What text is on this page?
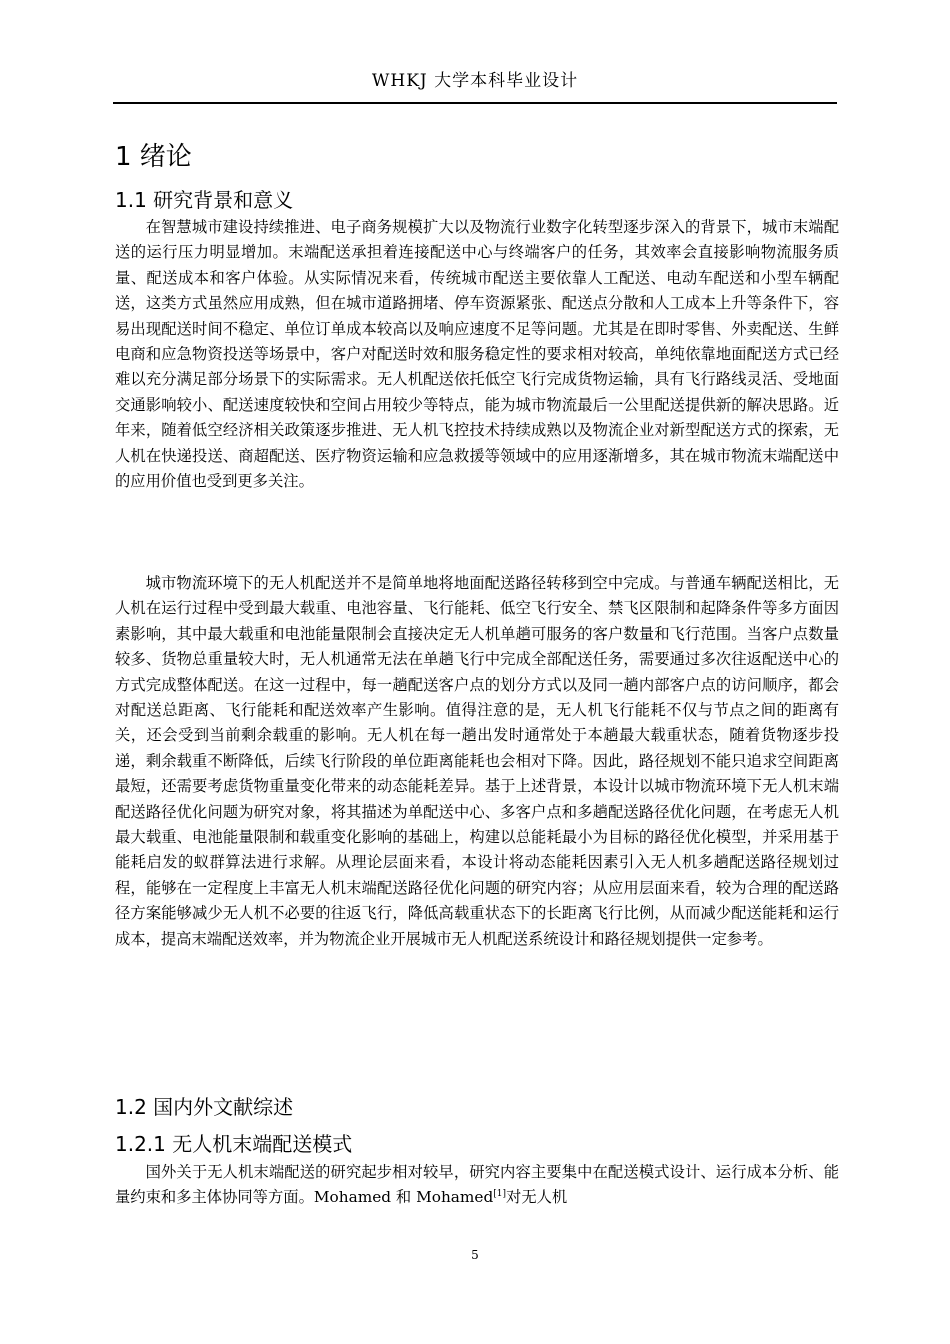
WHKJ 大学本科毕业设计
1 绪论
1.1 研究背景和意义

在智慧城市建设持续推进、电子商务规模扩大以及物流行业数字化转型逐步深入的背景下，城市末端配送的运行压力明显增加。末端配送承担着连接配送中心与终端客户的任务，其效率会直接影响物流服务质量、配送成本和客户体验。从实际情况来看，传统城市配送主要依靠人工配送、电动车配送和小型车辆配送，这类方式虽然应用成熟，但在城市道路拥堵、停车资源紧张、配送点分散和人工成本上升等条件下，容易出现配送时间不稳定、单位订单成本较高以及响应速度不足等问题。尤其是在即时零售、外卖配送、生鲜电商和应急物资投送等场景中，客户对配送时效和服务稳定性的要求相对较高，单纯依靠地面配送方式已经难以充分满足部分场景下的实际需求。无人机配送依托低空飞行完成货物运输，具有飞行路线灵活、受地面交通影响较小、配送速度较快和空间占用较少等特点，能为城市物流最后一公里配送提供新的解决思路。近年来，随着低空经济相关政策逐步推进、无人机飞控技术持续成熟以及物流企业对新型配送方式的探索，无人机在快递投送、商超配送、医疗物资运输和应急救援等领域中的应用逐渐增多，其在城市物流末端配送中的应用价值也受到更多关注。

城市物流环境下的无人机配送并不是简单地将地面配送路径转移到空中完成。与普通车辆配送相比，无人机在运行过程中受到最大载重、电池容量、飞行能耗、低空飞行安全、禁飞区限制和起降条件等多方面因素影响，其中最大载重和电池能量限制会直接决定无人机单趟可服务的客户数量和飞行范围。当客户点数量较多、货物总重量较大时，无人机通常无法在单趟飞行中完成全部配送任务，需要通过多次往返配送中心的方式完成整体配送。在这一过程中，每一趟配送客户点的划分方式以及同一趟内部客户点的访问顺序，都会对配送总距离、飞行能耗和配送效率产生影响。值得注意的是，无人机飞行能耗不仅与节点之间的距离有关，还会受到当前剩余载重的影响。无人机在每一趟出发时通常处于本趟最大载重状态，随着货物逐步投递，剩余载重不断降低，后续飞行阶段的单位距离能耗也会相对下降。因此，路径规划不能只追求空间距离最短，还需要考虑货物重量变化带来的动态能耗差异。基于上述背景，本设计以城市物流环境下无人机末端配送路径优化问题为研究对象，将其描述为单配送中心、多客户点和多趟配送路径优化问题，在考虑无人机最大载重、电池能量限制和载重变化影响的基础上，构建以总能耗最小为目标的路径优化模型，并采用基于能耗启发的蚁群算法进行求解。从理论层面来看，本设计将动态能耗因素引入无人机多趟配送路径规划过程，能够在一定程度上丰富无人机末端配送路径优化问题的研究内容；从应用层面来看，较为合理的配送路径方案能够减少无人机不必要的往返飞行，降低高载重状态下的长距离飞行比例，从而减少配送能耗和运行成本，提高末端配送效率，并为物流企业开展城市无人机配送系统设计和路径规划提供一定参考。

1.2 国内外文献综述
1.2.1 无人机末端配送模式

国外关于无人机末端配送的研究起步相对较早，研究内容主要集中在配送模式设计、运行成本分析、能量约束和多主体协同等方面。Mohamed 和 Mohamed[1]对无人机

5
